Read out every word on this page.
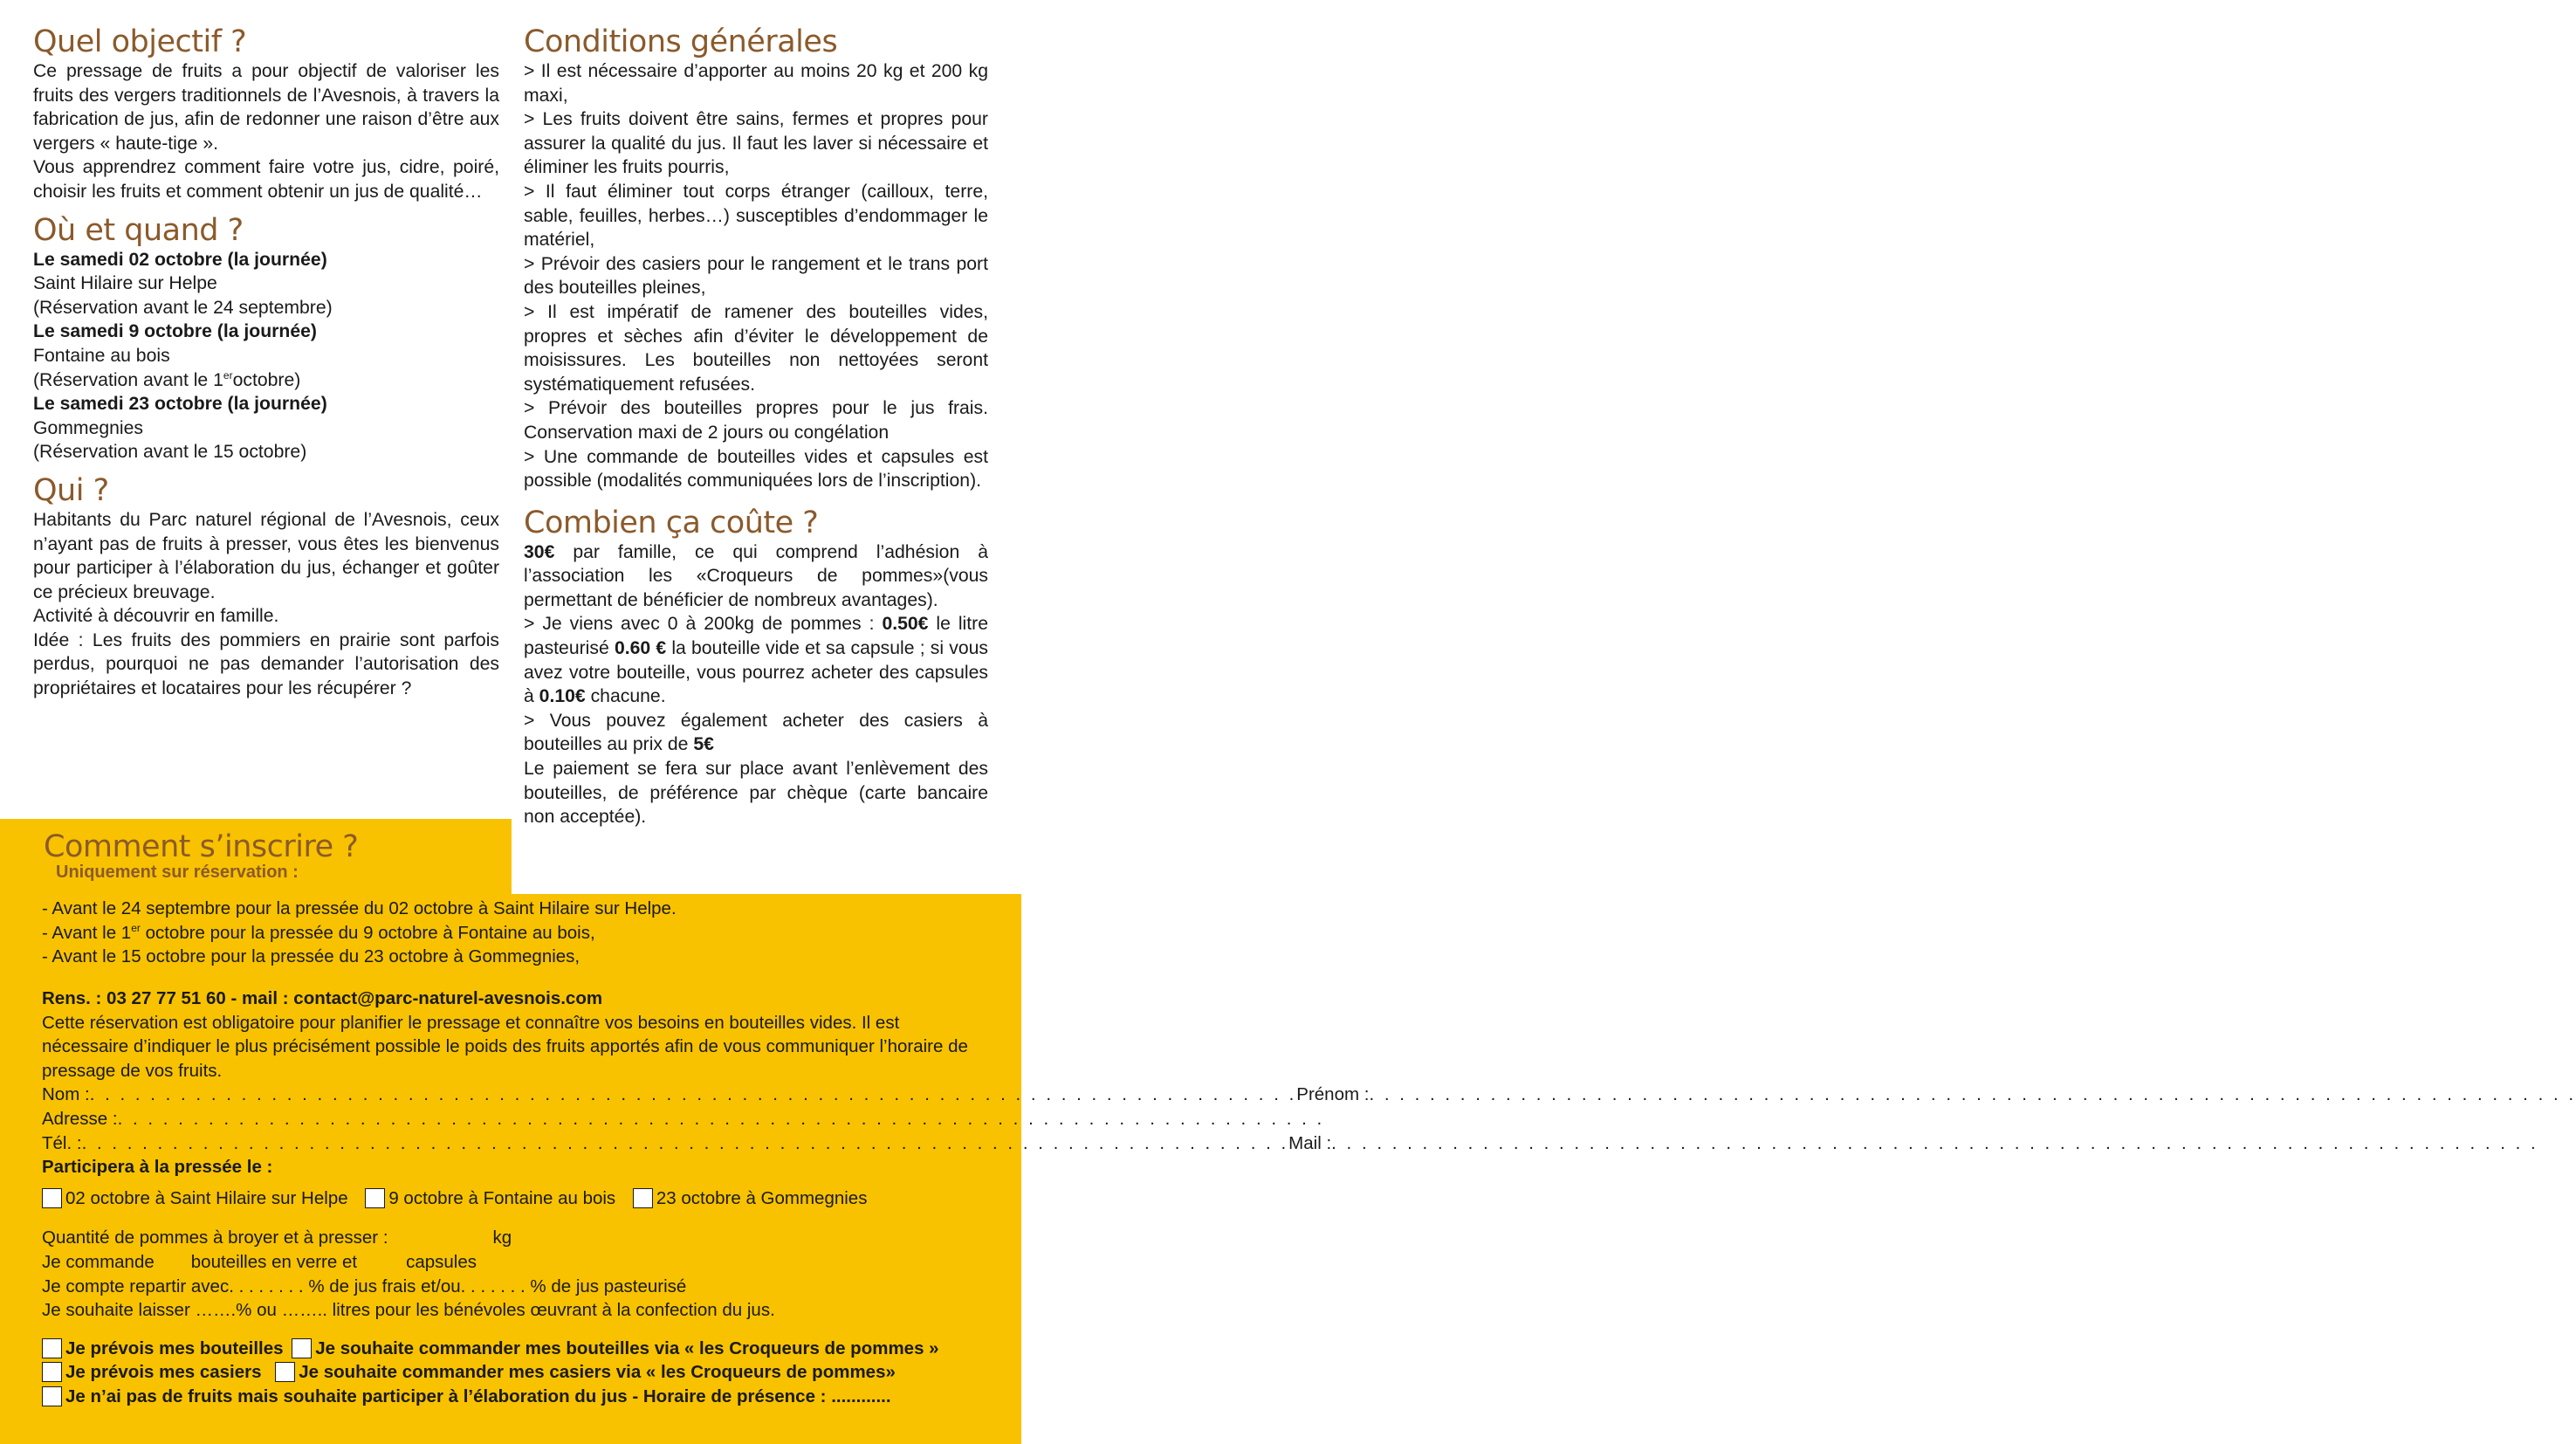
Quel objectif ?

Ce pressage de fruits a pour objectif de valoriser les fruits des vergers traditionnels de l’Avesnois, à travers la fabrication de jus, afin de redonner une raison d’être aux vergers « haute-tige ».

Vous apprendrez comment faire votre jus, cidre, poiré, choisir les fruits et comment obtenir un jus de qualité…

Où et quand ?

Le samedi 02 octobre (la journée)

Saint Hilaire sur Helpe

(Réservation avant le 24 septembre)

Le samedi 9 octobre (la journée)

Fontaine au bois

(Réservation avant le 1eroctobre)

Le samedi 23 octobre (la journée)

Gommegnies

(Réservation avant le 15 octobre)

Qui ?

Habitants du Parc naturel régional de l’Avesnois, ceux n’ayant pas de fruits à presser, vous êtes les bienvenus pour participer à l’élaboration du jus, échanger et goûter ce précieux breuvage.

Activité à découvrir en famille.

Idée : Les fruits des pommiers en prairie sont parfois perdus, pourquoi ne pas demander l’autorisation des propriétaires et locataires pour les récupérer ?

Conditions générales

> Il est nécessaire d’apporter au moins 20 kg et 200 kg maxi,

> Les fruits doivent être sains, fermes et propres pour assurer la qualité du jus. Il faut les laver si nécessaire et éliminer les fruits pourris,

> Il faut éliminer tout corps étranger (cailloux, terre, sable, feuilles, herbes…) susceptibles d’endommager le matériel,

> Prévoir des casiers pour le rangement et le trans port des bouteilles pleines,

> Il est impératif de ramener des bouteilles vides, propres et sèches afin d’éviter le développement de moisissures. Les bouteilles non nettoyées seront systématiquement refusées.

> Prévoir des bouteilles propres pour le jus frais. Conservation maxi de 2 jours ou congélation

> Une commande de bouteilles vides et capsules est possible (modalités communiquées lors de l’inscription).

Combien ça coûte ?

30€ par famille, ce qui comprend l’adhésion à l’association les «Croqueurs de pommes»(vous permettant de bénéficier de nombreux avantages).

> Je viens avec 0 à 200kg de pommes : 0.50€ le litre pasteurisé 0.60 € la bouteille vide et sa capsule ; si vous avez votre bouteille, vous pourrez acheter des capsules à 0.10€ chacune.

> Vous pouvez également acheter des casiers à bouteilles au prix de 5€

Le paiement se fera sur place avant l’enlèvement des bouteilles, de préférence par chèque (carte bancaire non acceptée).

Comment s’inscrire ?
Uniquement sur réservation :

- Avant le 24 septembre pour la pressée du 02 octobre à Saint Hilaire sur Helpe.

- Avant le 1er octobre pour la pressée du 9 octobre à Fontaine au bois,

- Avant le 15 octobre pour la pressée du 23 octobre à Gommegnies,

Rens. : 03 27 77 51 60 - mail : contact@parc-naturel-avesnois.com

Cette réservation est obligatoire pour planifier le pressage et connaître vos besoins en bouteilles vides. Il est nécessaire d’indiquer le plus précisément possible le poids des fruits apportés afin de vous communiquer l’horaire de pressage de vos fruits.

Nom : . . . . . . . . . . . . . . . . . . . . . . . . . . . . . . . . . . . . . . . . . . . . . . . . . . . . . . . . . . . . . . . . . . . . . . . . . . . . . . . . Prénom : . . . . . . . . . . . . . . . . . . . . . . . . . . . . . . . . . . . . . . . . . . . . . . . . . . . . . . . . . . . . . . . . . . . . . . . . . . . . . . . .
Adresse : . . . . . . . . . . . . . . . . . . . . . . . . . . . . . . . . . . . . . . . . . . . . . . . . . . . . . . . . . . . . . . . . . . . . . . . . . . . . . . . .
Tél. : . . . . . . . . . . . . . . . . . . . . . . . . . . . . . . . . . . . . . . . . . . . . . . . . . . . . . . . . . . . . . . . . . . . . . . . . . . . . . . . . Mail : . . . . . . . . . . . . . . . . . . . . . . . . . . . . . . . . . . . . . . . . . . . . . . . . . . . . . . . . . . . . . . . . . . . . . . . . . . . . . . . .

Participera à la pressée le :

02 octobre à Saint Hilaire sur Helpe 9 octobre à Fontaine au bois 23 octobre à Gommegnies

Quantité de pommes à broyer et à presser :	kg

Je commande bouteilles en verre et	capsules

Je compte repartir avec. . . . . . . . % de jus frais et/ou. . . . . . . % de jus pasteurisé

Je souhaite laisser …….% ou …….. litres pour les bénévoles œuvrant à la confection du jus.

Je prévois mes bouteilles Je souhaite commander mes bouteilles via « les Croqueurs de pommes »
Je prévois mes casiers Je souhaite commander mes casiers via « les Croqueurs de pommes»
Je n’ai pas de fruits mais souhaite participer à l’élaboration du jus - Horaire de présence : ............
